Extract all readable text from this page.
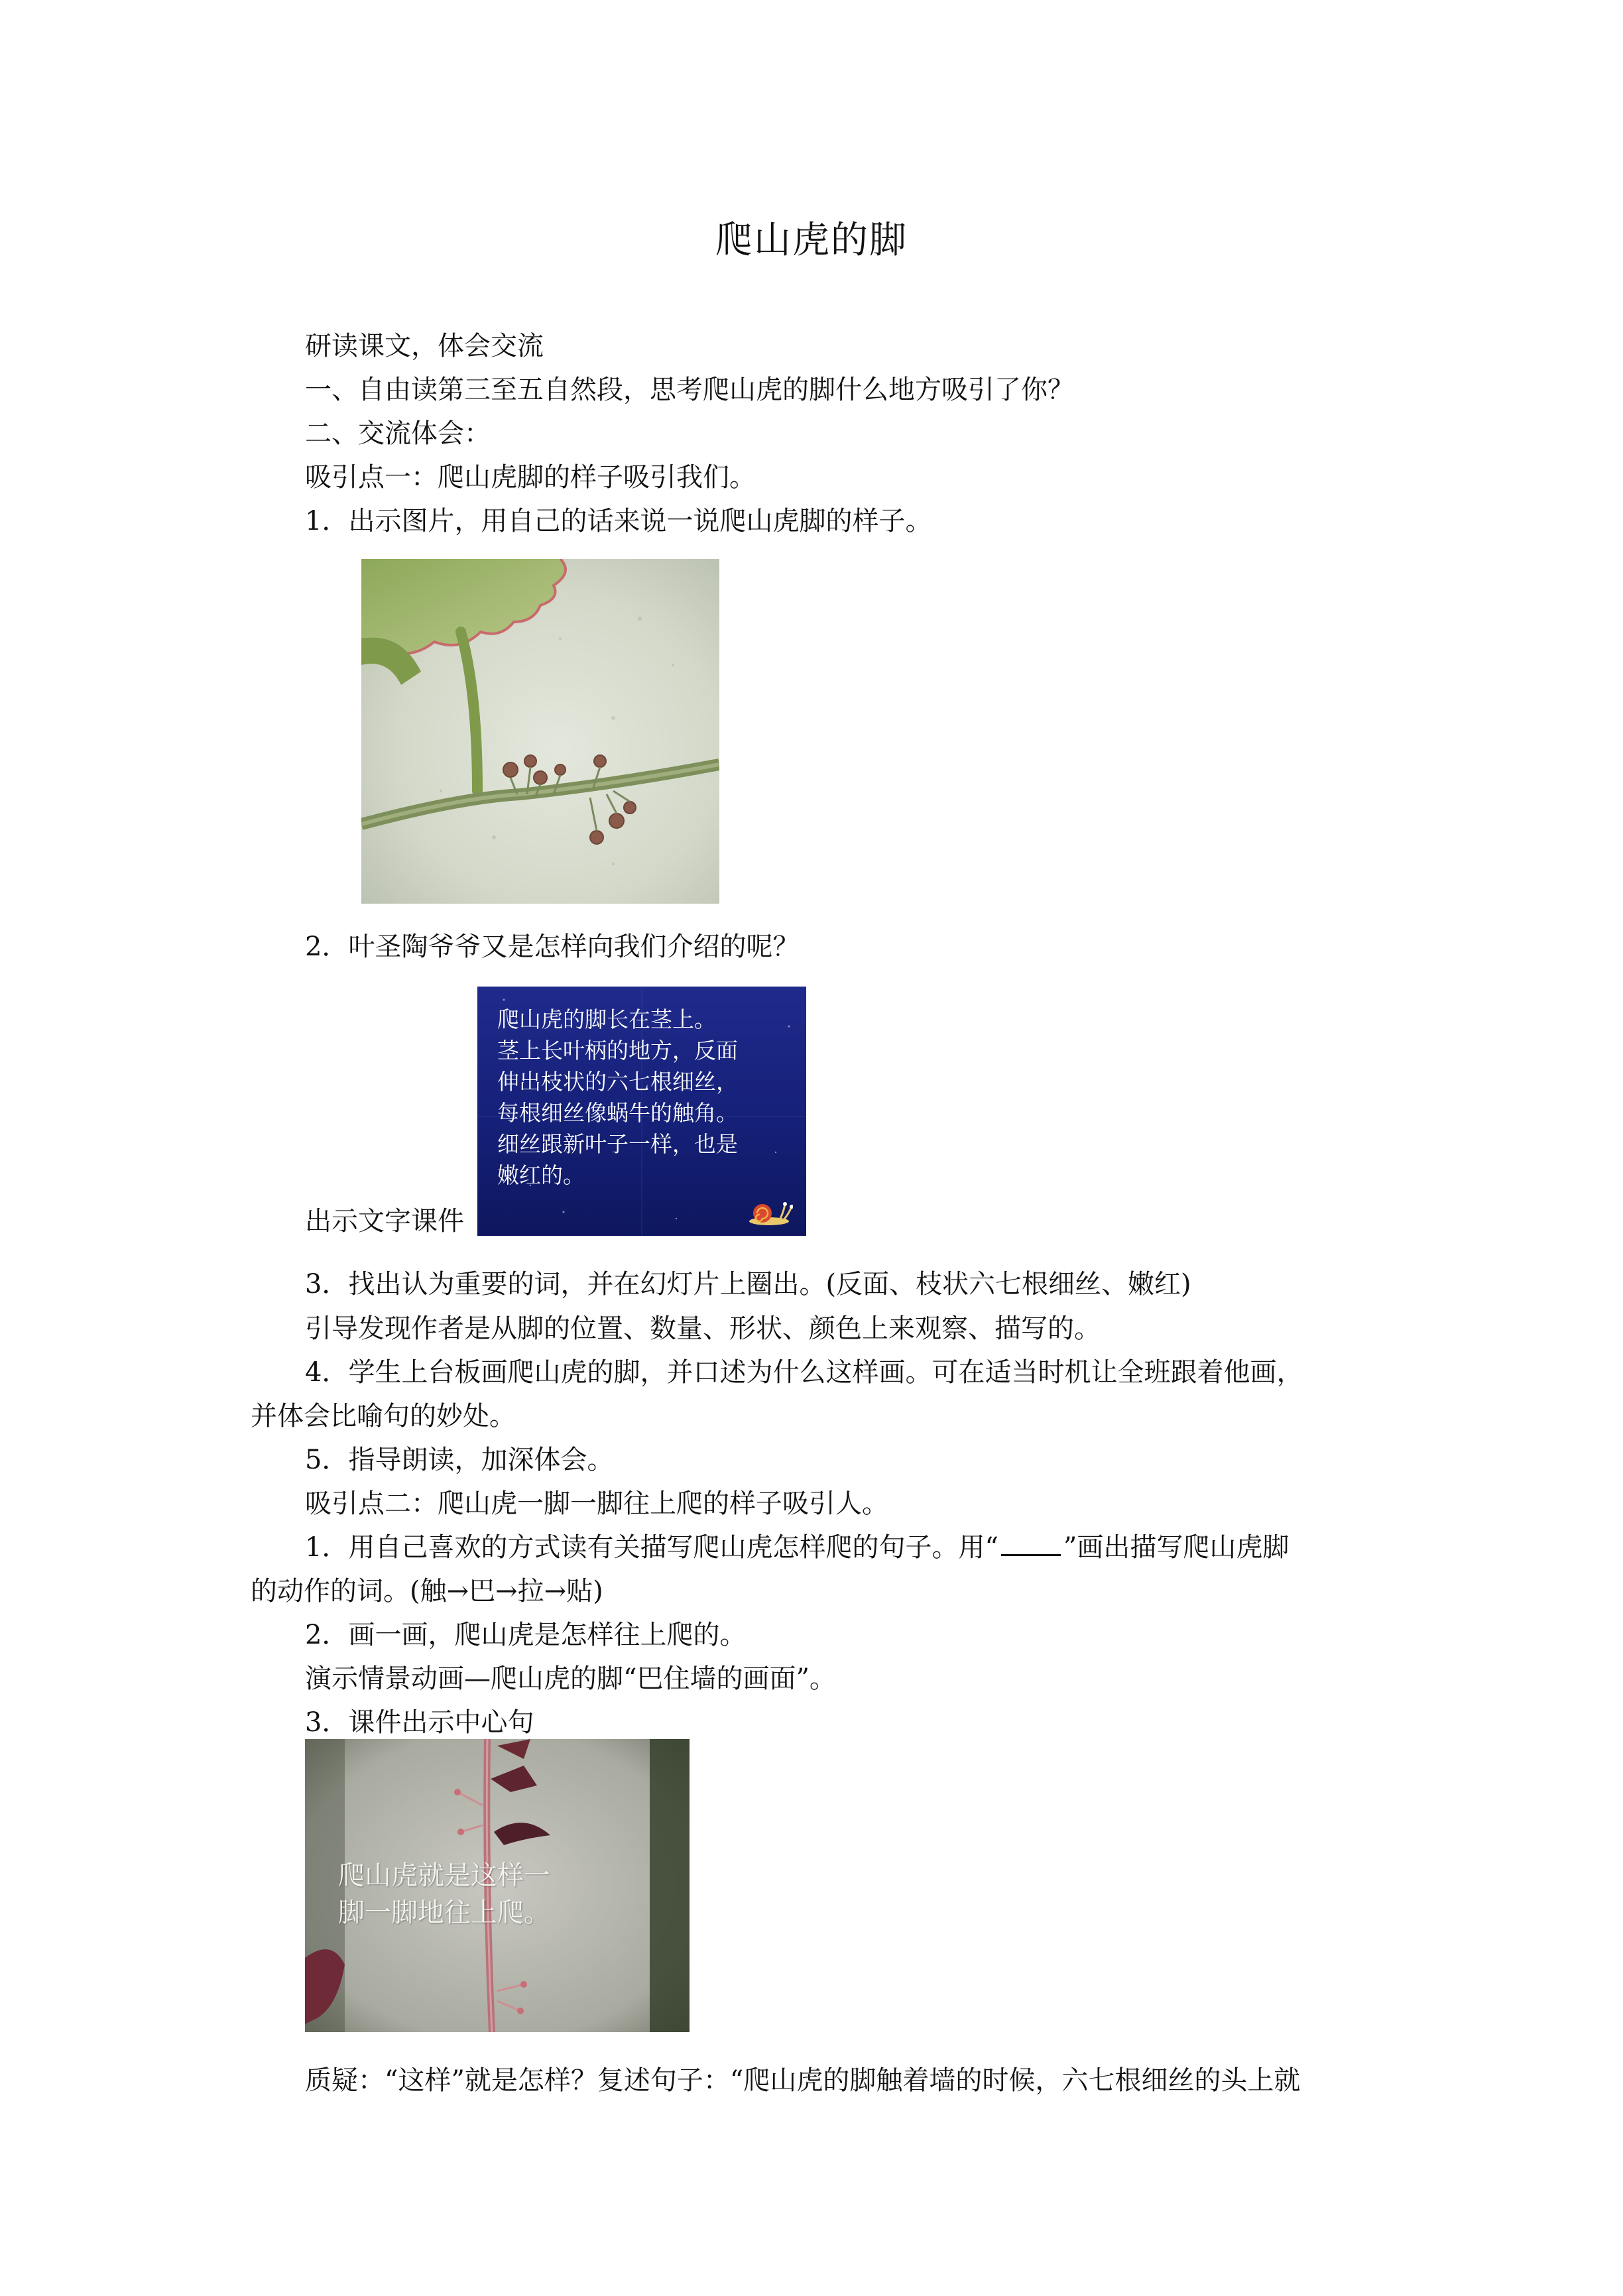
爬山虎的脚
研读课文，体会交流
一、自由读第三至五自然段，思考爬山虎的脚什么地方吸引了你？
二、交流体会：
吸引点一：爬山虎脚的样子吸引我们。
1．出示图片，用自己的话来说一说爬山虎脚的样子。
2．叶圣陶爷爷又是怎样向我们介绍的呢？
爬山虎的脚长在茎上。
茎上长叶柄的地方，反面
伸出枝状的六七根细丝，
每根细丝像蜗牛的触角。
细丝跟新叶子一样，也是
嫩红的。
出示文字课件
3．找出认为重要的词，并在幻灯片上圈出。(反面、枝状六七根细丝、嫩红)
引导发现作者是从脚的位置、数量、形状、颜色上来观察、描写的。
4．学生上台板画爬山虎的脚，并口述为什么这样画。可在适当时机让全班跟着他画，
并体会比喻句的妙处。
5．指导朗读，加深体会。
吸引点二：爬山虎一脚一脚往上爬的样子吸引人。
1．用自己喜欢的方式读有关描写爬山虎怎样爬的句子。用“ ”画出描写爬山虎脚
的动作的词。(触→巴→拉→贴)
2．画一画，爬山虎是怎样往上爬的。
演示情景动画—爬山虎的脚“巴住墙的画面”。
3．课件出示中心句
爬山虎就是这样一
脚一脚地往上爬。
质疑：“这样”就是怎样？复述句子：“爬山虎的脚触着墙的时候，六七根细丝的头上就
